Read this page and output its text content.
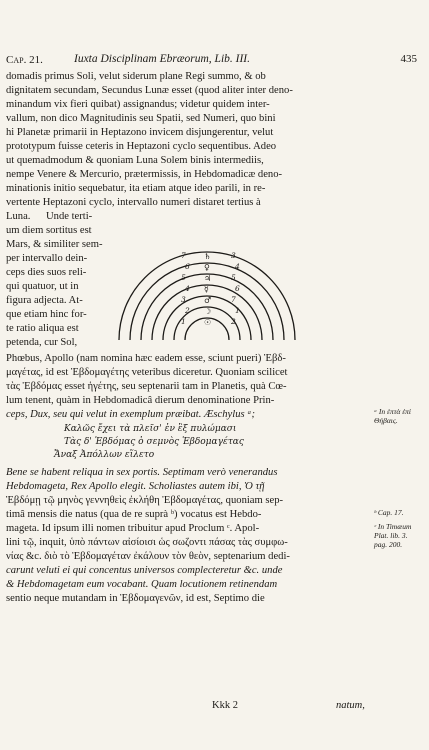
Cap. 21.	Iuxta Disciplinam Ebræorum, Lib. III.	435
domadis primus Soli, velut siderum plane Regi summo, & ob
dignitatem secundam, Secundus Lunæ esset (quod aliter inter deno-
minandum vix fieri quibat) assignandus; videtur quidem inter-
vallum, non dico Magnitudinis seu Spatii, sed Numeri, quo bini
hi Planetæ primarii in Heptazono invicem disjungerentur, velut
prototypum fuisse ceteris in Heptazoni cyclo sequentibus. Adeo
ut quemadmodum & quoniam Luna Solem binis intermediis,
nempe Venere & Mercurio, prætermissis, in Hebdomadicæ deno-
minationis initio sequebatur, ita etiam atque ideo parili, in re-
vertente Heptazoni cyclo, intervallo numeri distaret tertius à
Luna.	Unde terti-
um diem sortitus est
Mars, & similiter sem-
per intervallo dein-
ceps dies suos reli-
qui quatuor, ut in
figura adjecta. At-
que etiam hinc for-
te ratio aliqua est
petenda, cur Sol,
♄
♀
♃
☿
♂
☽
☉
7	3
6	4
5	5
4	6
3	7
2	1
1	2
Phœbus, Apollo (nam nomina hæc eadem esse, sciunt pueri) Ἑβδ-
μαγέτας, id est Ἑβδομαγέτης veteribus diceretur. Quoniam scilicet
τὰς Ἑβδόμας esset ἡγέτης, seu septenarii tam in Planetis, quà Cœ-
lum tenent, quàm in Hebdomadicâ dierum denominatione Prin-
ceps, Dux, seu qui velut in exemplum præibat. Æschylus ᵃ;
Καλῶς ἔχει τὰ πλεῖσ' ἐν ἓξ πυλώμασι
Τὰς δ' Ἑβδόμας ὁ σεμνὸς Ἑβδομαγέτας
Ἄναξ Ἀπόλλων εἵλετο
Bene se habent reliqua in sex portis. Septimam verò venerandus
Hebdomageta, Rex Apollo elegit. Scholiastes autem ibi, Ὁ τῇ
Ἑβδόμῃ τῷ μηνὸς γεννηθεὶς ἐκλήθη Ἑβδομαγέτας, quoniam sep-
timâ mensis die natus (qua de re suprà ᵇ) vocatus est Hebdo-
mageta. Id ipsum illi nomen tribuitur apud Proclum ᶜ. Apol-
lini τῷ, inquit, ὑπὸ πάντων αἰσίοισι ὡς σωζοντι πάσας τὰς συμφω-
νίας &c. διὸ τὸ Ἑβδομαγέταν ἐκάλουν τὸν θεὸν, septenarium dedi-
carunt veluti ei qui concentus universos complecteretur &c. unde
& Hebdomagetam eum vocabant. Quam locutionem retinendam
sentio neque mutandam in Ἑβδομαγενῶν, id est, Septimo die
ᵃ In ἑπτὰ ἐπὶ
Θήβαις.
ᵇ Cap. 17.
ᶜ In Timæum
Plat. lib. 3.
pag. 200.
Kkk 2	natum,
